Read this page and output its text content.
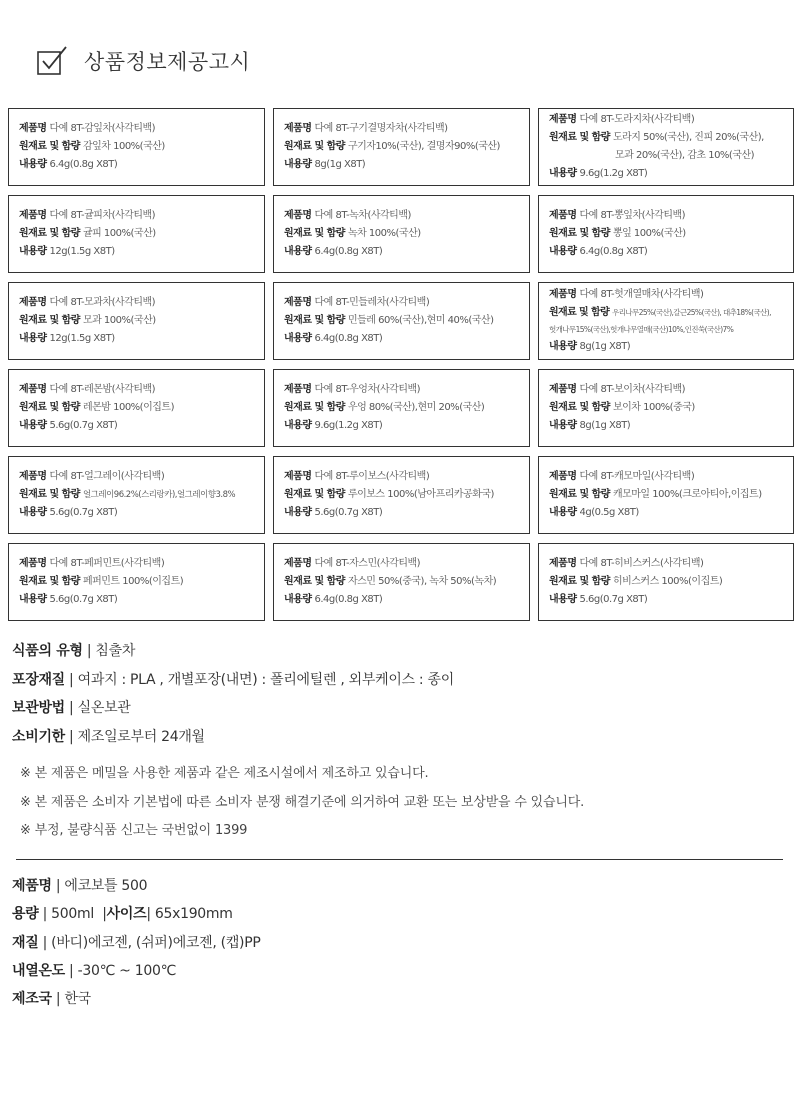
상품정보제공고시
제품명 다예 8T-감잎차(사각티백)
원재료 및 함량 감잎차 100%(국산)
내용량 6.4g(0.8g X8T)
제품명 다예 8T-구기결명자차(사각티백)
원재료 및 함량 구기자10%(국산), 결명자90%(국산)
내용량 8g(1g X8T)
제품명 다예 8T-도라지차(사각티백)
원재료 및 함량 도라지 50%(국산), 진피 20%(국산),
모과 20%(국산), 감초 10%(국산)
내용량 9.6g(1.2g X8T)
제품명 다예 8T-귤피차(사각티백)
원재료 및 함량 귤피 100%(국산)
내용량 12g(1.5g X8T)
제품명 다예 8T-녹차(사각티백)
원재료 및 함량 녹차 100%(국산)
내용량 6.4g(0.8g X8T)
제품명 다예 8T-뽕잎차(사각티백)
원재료 및 함량 뽕잎 100%(국산)
내용량 6.4g(0.8g X8T)
제품명 다예 8T-모과차(사각티백)
원재료 및 함량 모과 100%(국산)
내용량 12g(1.5g X8T)
제품명 다예 8T-민들레차(사각티백)
원재료 및 함량 민들레 60%(국산),현미 40%(국산)
내용량 6.4g(0.8g X8T)
제품명 다예 8T-헛개열매차(사각티백)
원재료 및 함량 우리나무25%(국산),갈근25%(국산), 대추18%(국산),
헛개나무15%(국산),헛개나무열매(국산)10%,인진쑥(국산)7%
내용량 8g(1g X8T)
제품명 다예 8T-레몬밤(사각티백)
원재료 및 함량 레몬밤 100%(이집트)
내용량 5.6g(0.7g X8T)
제품명 다예 8T-우엉차(사각티백)
원재료 및 함량 우엉 80%(국산),현미 20%(국산)
내용량 9.6g(1.2g X8T)
제품명 다예 8T-보이차(사각티백)
원재료 및 함량 보이차 100%(중국)
내용량 8g(1g X8T)
제품명 다예 8T-얼그레이(사각티백)
원재료 및 함량 얼그레이96.2%(스리랑카),얼그레이향3.8%
내용량 5.6g(0.7g X8T)
제품명 다예 8T-루이보스(사각티백)
원재료 및 함량 루이보스 100%(남아프리카공화국)
내용량 5.6g(0.7g X8T)
제품명 다예 8T-캐모마일(사각티백)
원재료 및 함량 캐모마일 100%(크로아티아,이집트)
내용량 4g(0.5g X8T)
제품명 다예 8T-페퍼민트(사각티백)
원재료 및 함량 페퍼민트 100%(이집트)
내용량 5.6g(0.7g X8T)
제품명 다예 8T-자스민(사각티백)
원재료 및 함량 자스민 50%(중국), 녹차 50%(녹차)
내용량 6.4g(0.8g X8T)
제품명 다예 8T-히비스커스(사각티백)
원재료 및 함량 히비스커스 100%(이집트)
내용량 5.6g(0.7g X8T)
식품의 유형 | 침출차
포장재질 | 여과지 : PLA , 개별포장(내면) : 폴리에틸렌 , 외부케이스 : 종이
보관방법 | 실온보관
소비기한 | 제조일로부터 24개월
※ 본 제품은 메밀을 사용한 제품과 같은 제조시설에서 제조하고 있습니다.
※ 본 제품은 소비자 기본법에 따른 소비자 분쟁 해결기준에 의거하여 교환 또는 보상받을 수 있습니다.
※ 부정, 불량식품 신고는 국번없이 1399
제품명 | 에코보틀 500
용량 | 500ml  |사이즈| 65x190mm
재질 | (바디)에코젠, (쉬퍼)에코젠, (캡)PP
내열온도 | -30℃ ~ 100℃
제조국 | 한국
